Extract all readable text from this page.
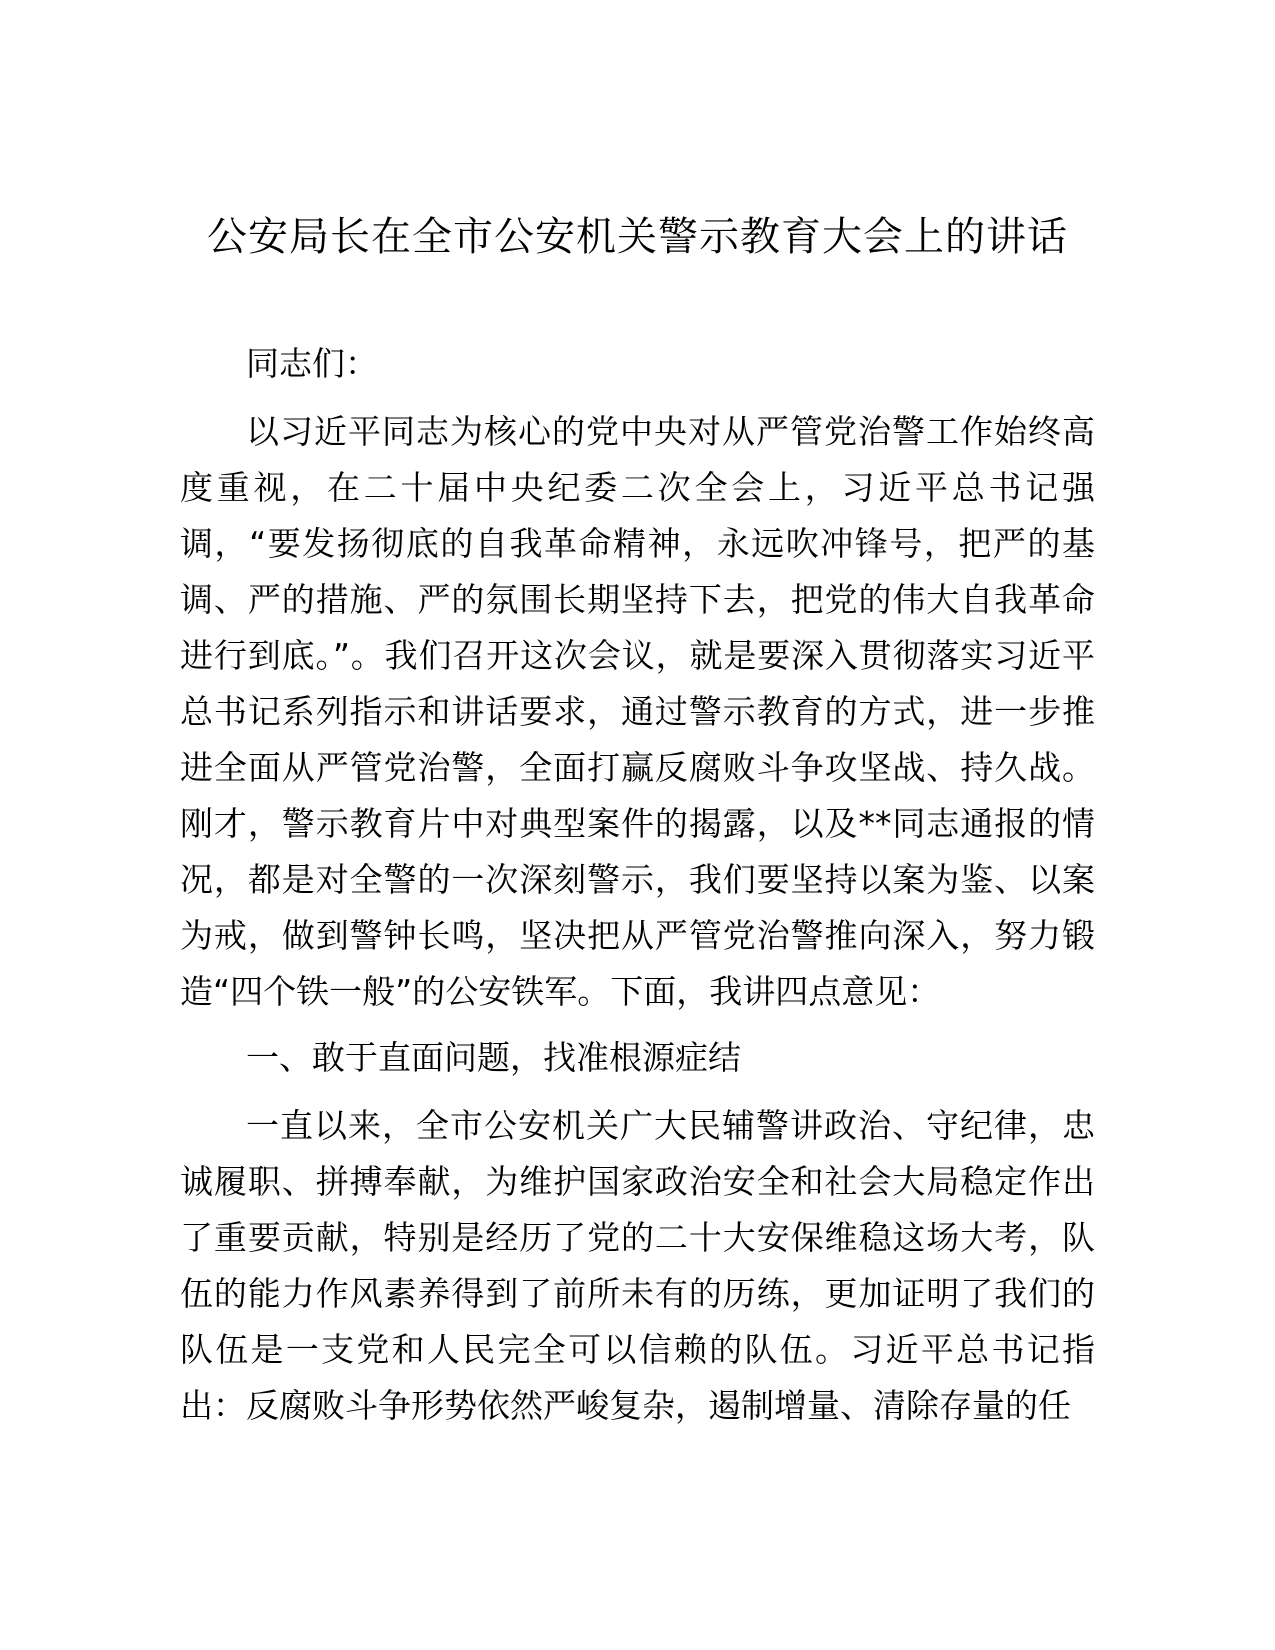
公安局长在全市公安机关警示教育大会上的讲话

同志们：

以习近平同志为核心的党中央对从严管党治警工作始终高度重视，在二十届中央纪委二次全会上，习近平总书记强调，“要发扬彻底的自我革命精神，永远吹冲锋号，把严的基调、严的措施、严的氛围长期坚持下去，把党的伟大自我革命进行到底。”。我们召开这次会议，就是要深入贯彻落实习近平总书记系列指示和讲话要求，通过警示教育的方式，进一步推进全面从严管党治警，全面打赢反腐败斗争攻坚战、持久战。刚才，警示教育片中对典型案件的揭露，以及**同志通报的情况，都是对全警的一次深刻警示，我们要坚持以案为鉴、以案为戒，做到警钟长鸣，坚决把从严管党治警推向深入，努力锻造“四个铁一般”的公安铁军。下面，我讲四点意见：

一、敢于直面问题，找准根源症结

一直以来，全市公安机关广大民辅警讲政治、守纪律，忠诚履职、拼搏奉献，为维护国家政治安全和社会大局稳定作出了重要贡献，特别是经历了党的二十大安保维稳这场大考，队伍的能力作风素养得到了前所未有的历练，更加证明了我们的队伍是一支党和人民完全可以信赖的队伍。习近平总书记指出：反腐败斗争形势依然严峻复杂，遏制增量、清除存量的任
